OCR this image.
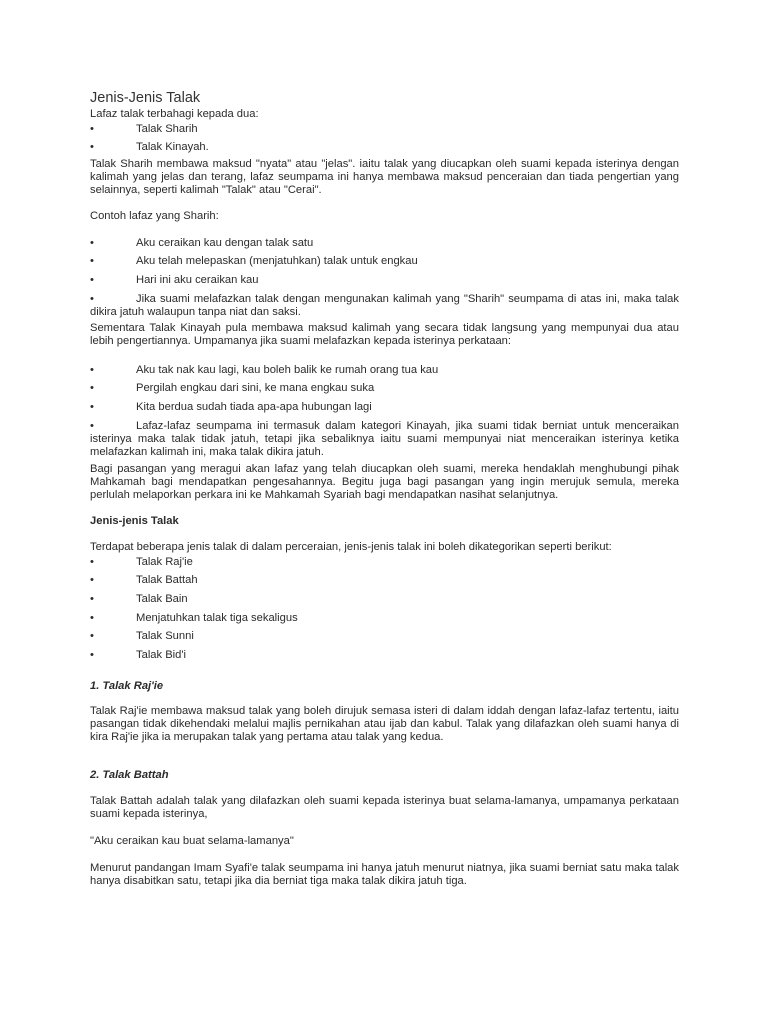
Jenis-Jenis Talak
Lafaz talak terbahagi kepada dua:
•	Talak Sharih
•	Talak Kinayah.

Talak Sharih membawa maksud "nyata" atau "jelas". iaitu talak yang diucapkan oleh suami kepada isterinya dengan kalimah yang jelas dan terang, lafaz seumpama ini hanya membawa maksud penceraian dan tiada pengertian yang selainnya, seperti kalimah "Talak" atau "Cerai".

Contoh lafaz yang Sharih:
•	Aku ceraikan kau dengan talak satu
•	Aku telah melepaskan (menjatuhkan) talak untuk engkau
•	Hari ini aku ceraikan kau

•	Jika suami melafazkan talak dengan mengunakan kalimah yang "Sharih" seumpama di atas ini, maka talak dikira jatuh walaupun tanpa niat dan saksi.

Sementara Talak Kinayah pula membawa maksud kalimah yang secara tidak langsung yang mempunyai dua atau lebih pengertiannya. Umpamanya jika suami melafazkan kepada isterinya perkataan:

•	Aku tak nak kau lagi, kau boleh balik ke rumah orang tua kau
•	Pergilah engkau dari sini, ke mana engkau suka
•	Kita berdua sudah tiada apa-apa hubungan lagi

•	Lafaz-lafaz seumpama ini termasuk dalam kategori Kinayah, jika suami tidak berniat untuk menceraikan isterinya maka talak tidak jatuh, tetapi jika sebaliknya iaitu suami mempunyai niat menceraikan isterinya ketika melafazkan kalimah ini, maka talak dikira jatuh.

Bagi pasangan yang meragui akan lafaz yang telah diucapkan oleh suami, mereka hendaklah menghubungi pihak Mahkamah bagi mendapatkan pengesahannya. Begitu juga bagi pasangan yang ingin merujuk semula, mereka perlulah melaporkan perkara ini ke Mahkamah Syariah bagi mendapatkan nasihat selanjutnya.

Jenis-jenis Talak
Terdapat beberapa jenis talak di dalam perceraian, jenis-jenis talak ini boleh dikategorikan seperti berikut:
•	Talak Raj'ie
•	Talak Battah
•	Talak Bain
•	Menjatuhkan talak tiga sekaligus
•	Talak Sunni
•	Talak Bid'i
1. Talak Raj'ie

Talak Raj'ie membawa maksud talak yang boleh dirujuk semasa isteri di dalam iddah dengan lafaz-lafaz tertentu, iaitu pasangan tidak dikehendaki melalui majlis pernikahan atau ijab dan kabul. Talak yang dilafazkan oleh suami hanya di kira Raj'ie jika ia merupakan talak yang pertama atau talak yang kedua.

2. Talak Battah

Talak Battah adalah talak yang dilafazkan oleh suami kepada isterinya buat selama-lamanya, umpamanya perkataan suami kepada isterinya,

"Aku ceraikan kau buat selama-lamanya"

Menurut pandangan Imam Syafi'e talak seumpama ini hanya jatuh menurut niatnya, jika suami berniat satu maka talak hanya disabitkan satu, tetapi jika dia berniat tiga maka talak dikira jatuh tiga.
